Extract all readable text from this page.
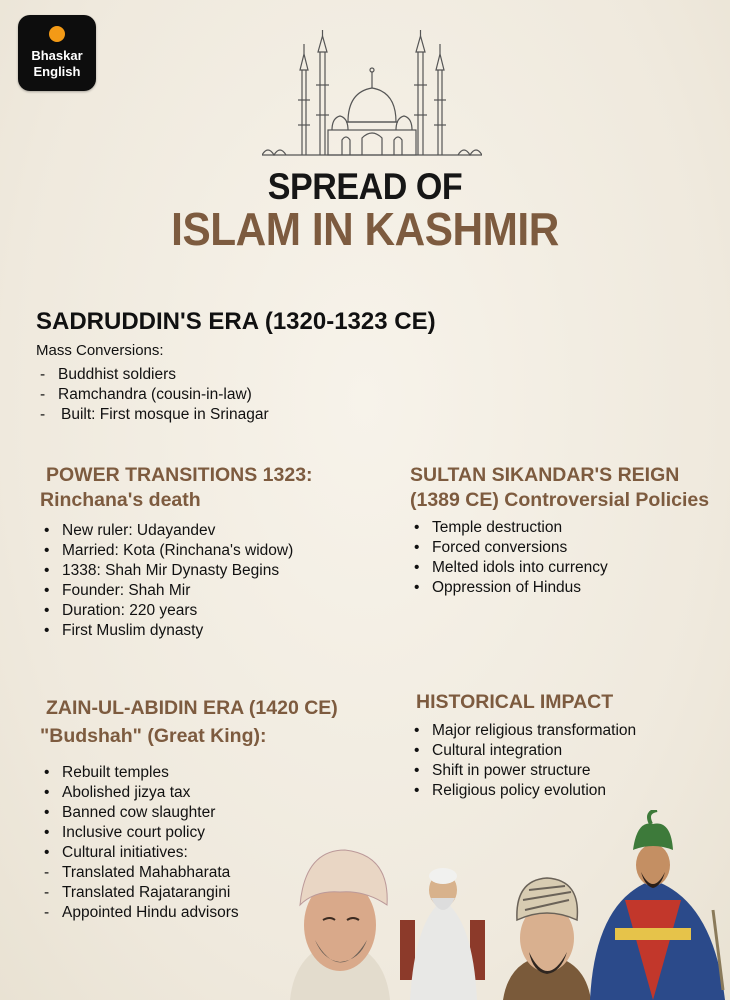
Bhaskar
English
SPREAD OF
ISLAM IN KASHMIR
SADRUDDIN'S ERA (1320-1323 CE)
Mass Conversions:
- Buddhist soldiers
- Ramchandra (cousin-in-law)
- Built: First mosque in Srinagar
POWER TRANSITIONS 1323:
Rinchana's death
• New ruler: Udayandev
• Married: Kota (Rinchana's widow)
• 1338: Shah Mir Dynasty Begins
• Founder: Shah Mir
• Duration: 220 years
• First Muslim dynasty
SULTAN SIKANDAR'S REIGN
(1389 CE) Controversial Policies
• Temple destruction
• Forced conversions
• Melted idols into currency
• Oppression of Hindus
ZAIN-UL-ABIDIN ERA (1420 CE)
"Budshah" (Great King):
• Rebuilt temples
• Abolished jizya tax
• Banned cow slaughter
• Inclusive court policy
• Cultural initiatives:
- Translated Mahabharata
- Translated Rajatarangini
- Appointed Hindu advisors
HISTORICAL IMPACT
• Major religious transformation
• Cultural integration
• Shift in power structure
• Religious policy evolution
